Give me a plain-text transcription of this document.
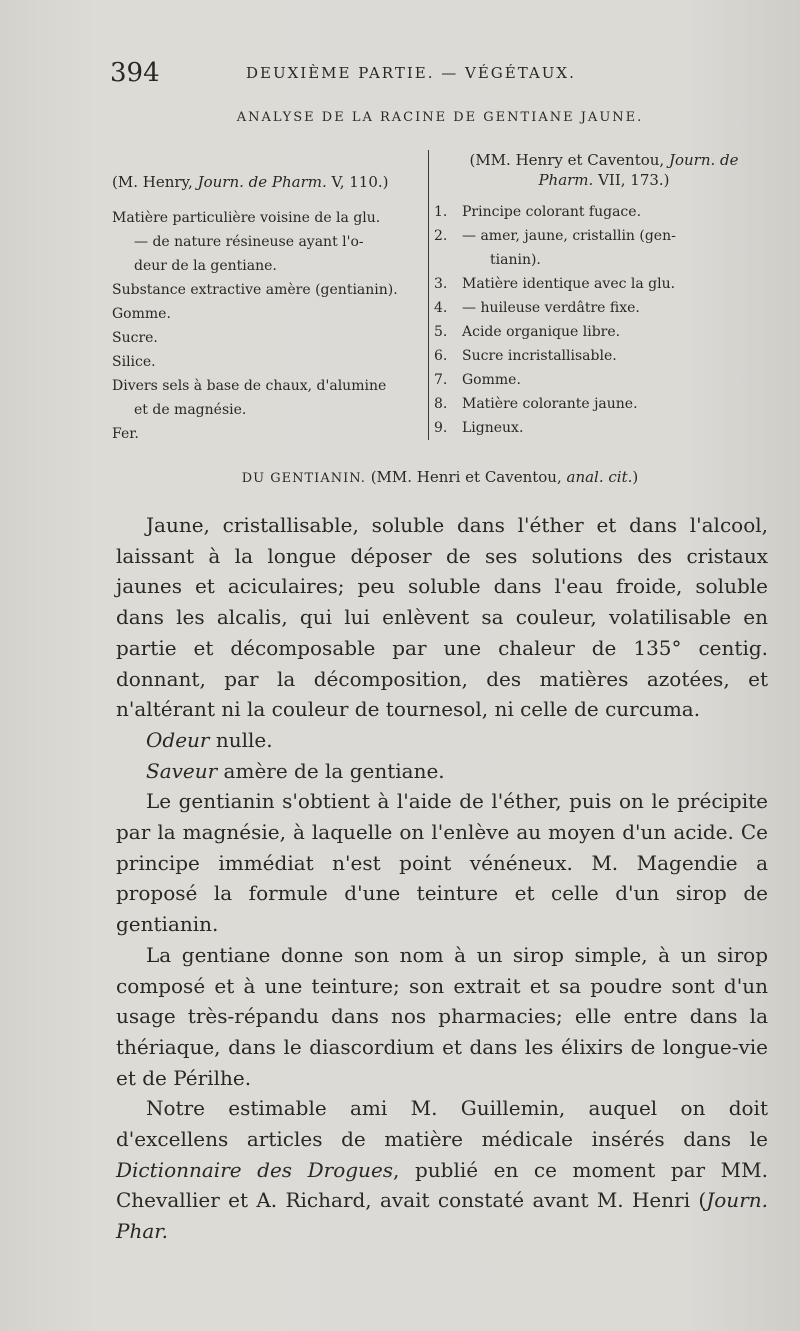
394	DEUXIÈME PARTIE. — VÉGÉTAUX.
ANALYSE DE LA RACINE DE GENTIANE JAUNE.
(M. Henry, Journ. de Pharm. V, 110.)
Matière particulière voisine de la glu.
— de nature résineuse ayant l'o-
deur de la gentiane.
Substance extractive amère (gentianin).
Gomme.
Sucre.
Silice.
Divers sels à base de chaux, d'alumine
et de magnésie.
Fer.
(MM. Henry et Caventou, Journ. de
Pharm. VII, 173.)
1. Principe colorant fugace.
2. — amer, jaune, cristallin (gen-
tianin).
3. Matière identique avec la glu.
4. — huileuse verdâtre fixe.
5. Acide organique libre.
6. Sucre incristallisable.
7. Gomme.
8. Matière colorante jaune.
9. Ligneux.
DU GENTIANIN. (MM. Henri et Caventou, anal. cit.)

Jaune, cristallisable, soluble dans l'éther et dans l'alcool, laissant à la longue déposer de ses solutions des cristaux jaunes et aciculaires; peu soluble dans l'eau froide, soluble dans les alcalis, qui lui enlèvent sa couleur, volatilisable en partie et décomposable par une chaleur de 135° centig. donnant, par la décomposition, des matières azotées, et n'altérant ni la couleur de tournesol, ni celle de curcuma.

Odeur nulle.

Saveur amère de la gentiane.

Le gentianin s'obtient à l'aide de l'éther, puis on le précipite par la magnésie, à laquelle on l'enlève au moyen d'un acide. Ce principe immédiat n'est point vénéneux. M. Magendie a proposé la formule d'une teinture et celle d'un sirop de gentianin.

La gentiane donne son nom à un sirop simple, à un sirop composé et à une teinture; son extrait et sa poudre sont d'un usage très-répandu dans nos pharmacies; elle entre dans la thériaque, dans le diascordium et dans les élixirs de longue-vie et de Périlhe.

Notre estimable ami M. Guillemin, auquel on doit d'excellens articles de matière médicale insérés dans le Dictionnaire des Drogues, publié en ce moment par MM. Chevallier et A. Richard, avait constaté avant M. Henri (Journ. Phar.
